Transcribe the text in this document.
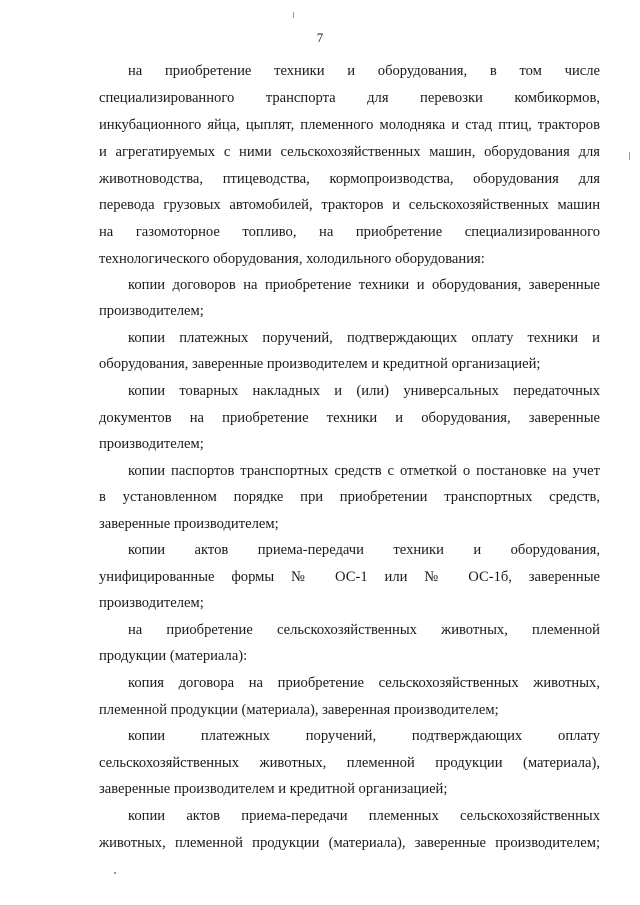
7
на приобретение техники и оборудования, в том числе
специализированного транспорта для перевозки комбикормов,
инкубационного яйца, цыплят, племенного молодняка и стад птиц, тракторов
и агрегатируемых с ними сельскохозяйственных машин, оборудования для
животноводства, птицеводства, кормопроизводства, оборудования для
перевода грузовых автомобилей, тракторов и сельскохозяйственных машин
на газомоторное топливо, на приобретение специализированного
технологического оборудования, холодильного оборудования:
копии договоров на приобретение техники и оборудования, заверенные
производителем;
копии платежных поручений, подтверждающих оплату техники и
оборудования, заверенные производителем и кредитной организацией;
копии товарных накладных и (или) универсальных передаточных
документов на приобретение техники и оборудования, заверенные
производителем;
копии паспортов транспортных средств с отметкой о постановке на учет
в установленном порядке при приобретении транспортных средств,
заверенные производителем;
копии актов приема-передачи техники и оборудования,
унифицированные формы № ОС-1 или № ОС-1б, заверенные
производителем;
на приобретение сельскохозяйственных животных, племенной
продукции (материала):
копия договора на приобретение сельскохозяйственных животных,
племенной продукции (материала), заверенная производителем;
копии платежных поручений, подтверждающих оплату
сельскохозяйственных животных, племенной продукции (материала),
заверенные производителем и кредитной организацией;
копии актов приема-передачи племенных сельскохозяйственных
животных, племенной продукции (материала), заверенные производителем;
